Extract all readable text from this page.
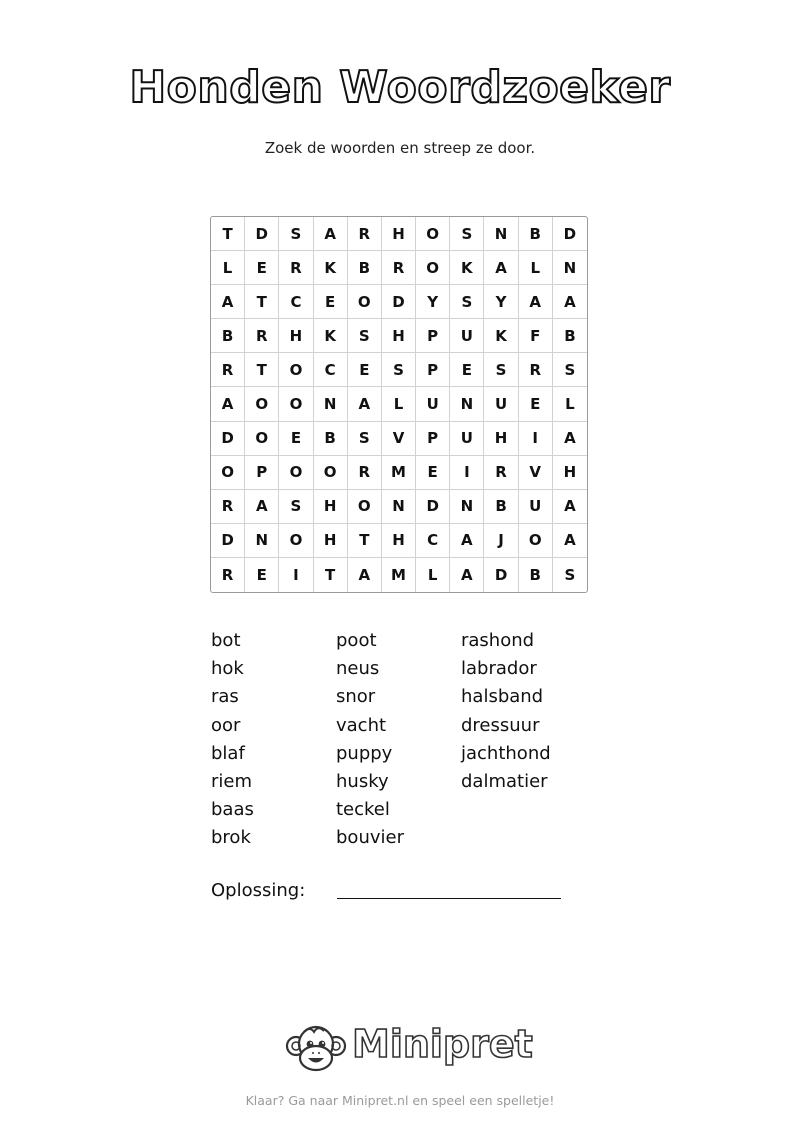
Honden Woordzoeker
Zoek de woorden en streep ze door.
T	D	S	A	R	H	O	S	N	B	D
L	E	R	K	B	R	O	K	A	L	N
A	T	C	E	O	D	Y	S	Y	A	A
B	R	H	K	S	H	P	U	K	F	B
R	T	O	C	E	S	P	E	S	R	S
A	O	O	N	A	L	U	N	U	E	L
D	O	E	B	S	V	P	U	H	I	A
O	P	O	O	R	M	E	I	R	V	H
R	A	S	H	O	N	D	N	B	U	A
D	N	O	H	T	H	C	A	J	O	A
R	E	I	T	A	M	L	A	D	B	S
bot
hok
ras
oor
blaf
riem
baas
brok
poot
neus
snor
vacht
puppy
husky
teckel
bouvier
rashond
labrador
halsband
dressuur
jachthond
dalmatier
Oplossing:
Minipret
Klaar? Ga naar Minipret.nl en speel een spelletje!
